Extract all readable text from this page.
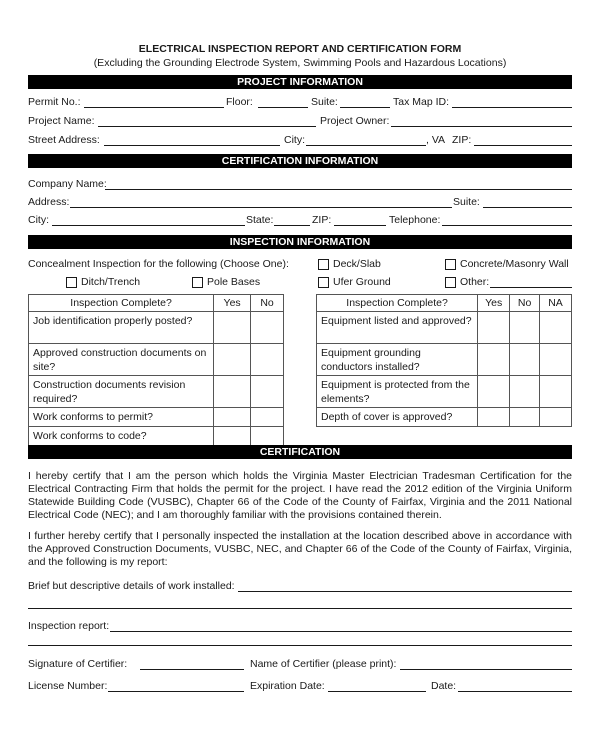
ELECTRICAL INSPECTION REPORT AND CERTIFICATION FORM
(Excluding the Grounding Electrode System, Swimming Pools and Hazardous Locations)
PROJECT INFORMATION
Permit No.:	Floor:	Suite:	Tax Map ID:
Project Name:	Project Owner:
Street Address:	City:	, VA ZIP:
CERTIFICATION INFORMATION
Company Name:
Address:	Suite:
City:	State:	ZIP:	Telephone:
INSPECTION INFORMATION
Concealment Inspection for the following (Choose One):	Deck/Slab	Concrete/Masonry Wall
Ditch/Trench	Pole Bases	Ufer Ground	Other:
Inspection Complete?	Yes	No
Job identification properly posted?		
Approved construction documents on site?		
Construction documents revision required?		
Work conforms to permit?		
Work conforms to code?		
Inspection Complete?	Yes	No	NA
Equipment listed and approved?			
Equipment grounding conductors installed?			
Equipment is protected from the elements?			
Depth of cover is approved?			
CERTIFICATION
I hereby certify that I am the person which holds the Virginia Master Electrician Tradesman Certification for the Electrical Contracting Firm that holds the permit for the project. I have read the 2012 edition of the Virginia Uniform Statewide Building Code (VUSBC), Chapter 66 of the Code of the County of Fairfax, Virginia and the 2011 National Electrical Code (NEC); and I am thoroughly familiar with the provisions contained therein.
I further hereby certify that I personally inspected the installation at the location described above in accordance with the Approved Construction Documents, VUSBC, NEC, and Chapter 66 of the Code of the County of Fairfax, Virginia, and the following is my report:
Brief but descriptive details of work installed:
Inspection report:
Signature of Certifier:	Name of Certifier (please print):
License Number:	Expiration Date:	Date:
